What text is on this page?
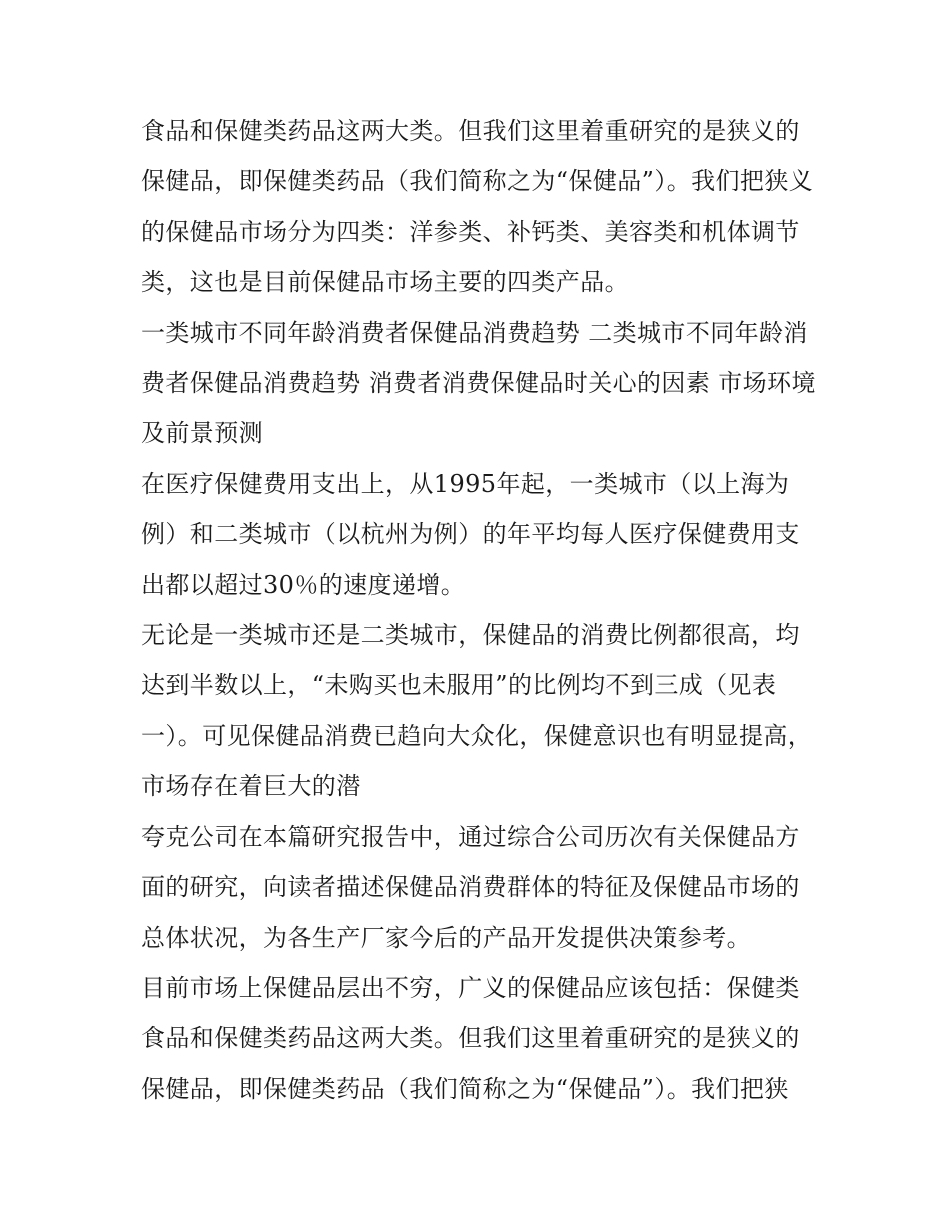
食品和保健类药品这两大类。但我们这里着重研究的是狭义的保健品，即保健类药品（我们简称之为“保健品”）。我们把狭义的保健品市场分为四类：洋参类、补钙类、美容类和机体调节类，这也是目前保健品市场主要的四类产品。

一类城市不同年龄消费者保健品消费趋势 二类城市不同年龄消费者保健品消费趋势 消费者消费保健品时关心的因素 市场环境及前景预测

在医疗保健费用支出上，从1995年起，一类城市（以上海为例）和二类城市（以杭州为例）的年平均每人医疗保健费用支出都以超过30％的速度递增。

无论是一类城市还是二类城市，保健品的消费比例都很高，均达到半数以上，“未购买也未服用”的比例均不到三成（见表一）。可见保健品消费已趋向大众化，保健意识也有明显提高，市场存在着巨大的潜

夸克公司在本篇研究报告中，通过综合公司历次有关保健品方面的研究，向读者描述保健品消费群体的特征及保健品市场的总体状况，为各生产厂家今后的产品开发提供决策参考。

目前市场上保健品层出不穷，广义的保健品应该包括：保健类食品和保健类药品这两大类。但我们这里着重研究的是狭义的保健品，即保健类药品（我们简称之为“保健品”）。我们把狭
